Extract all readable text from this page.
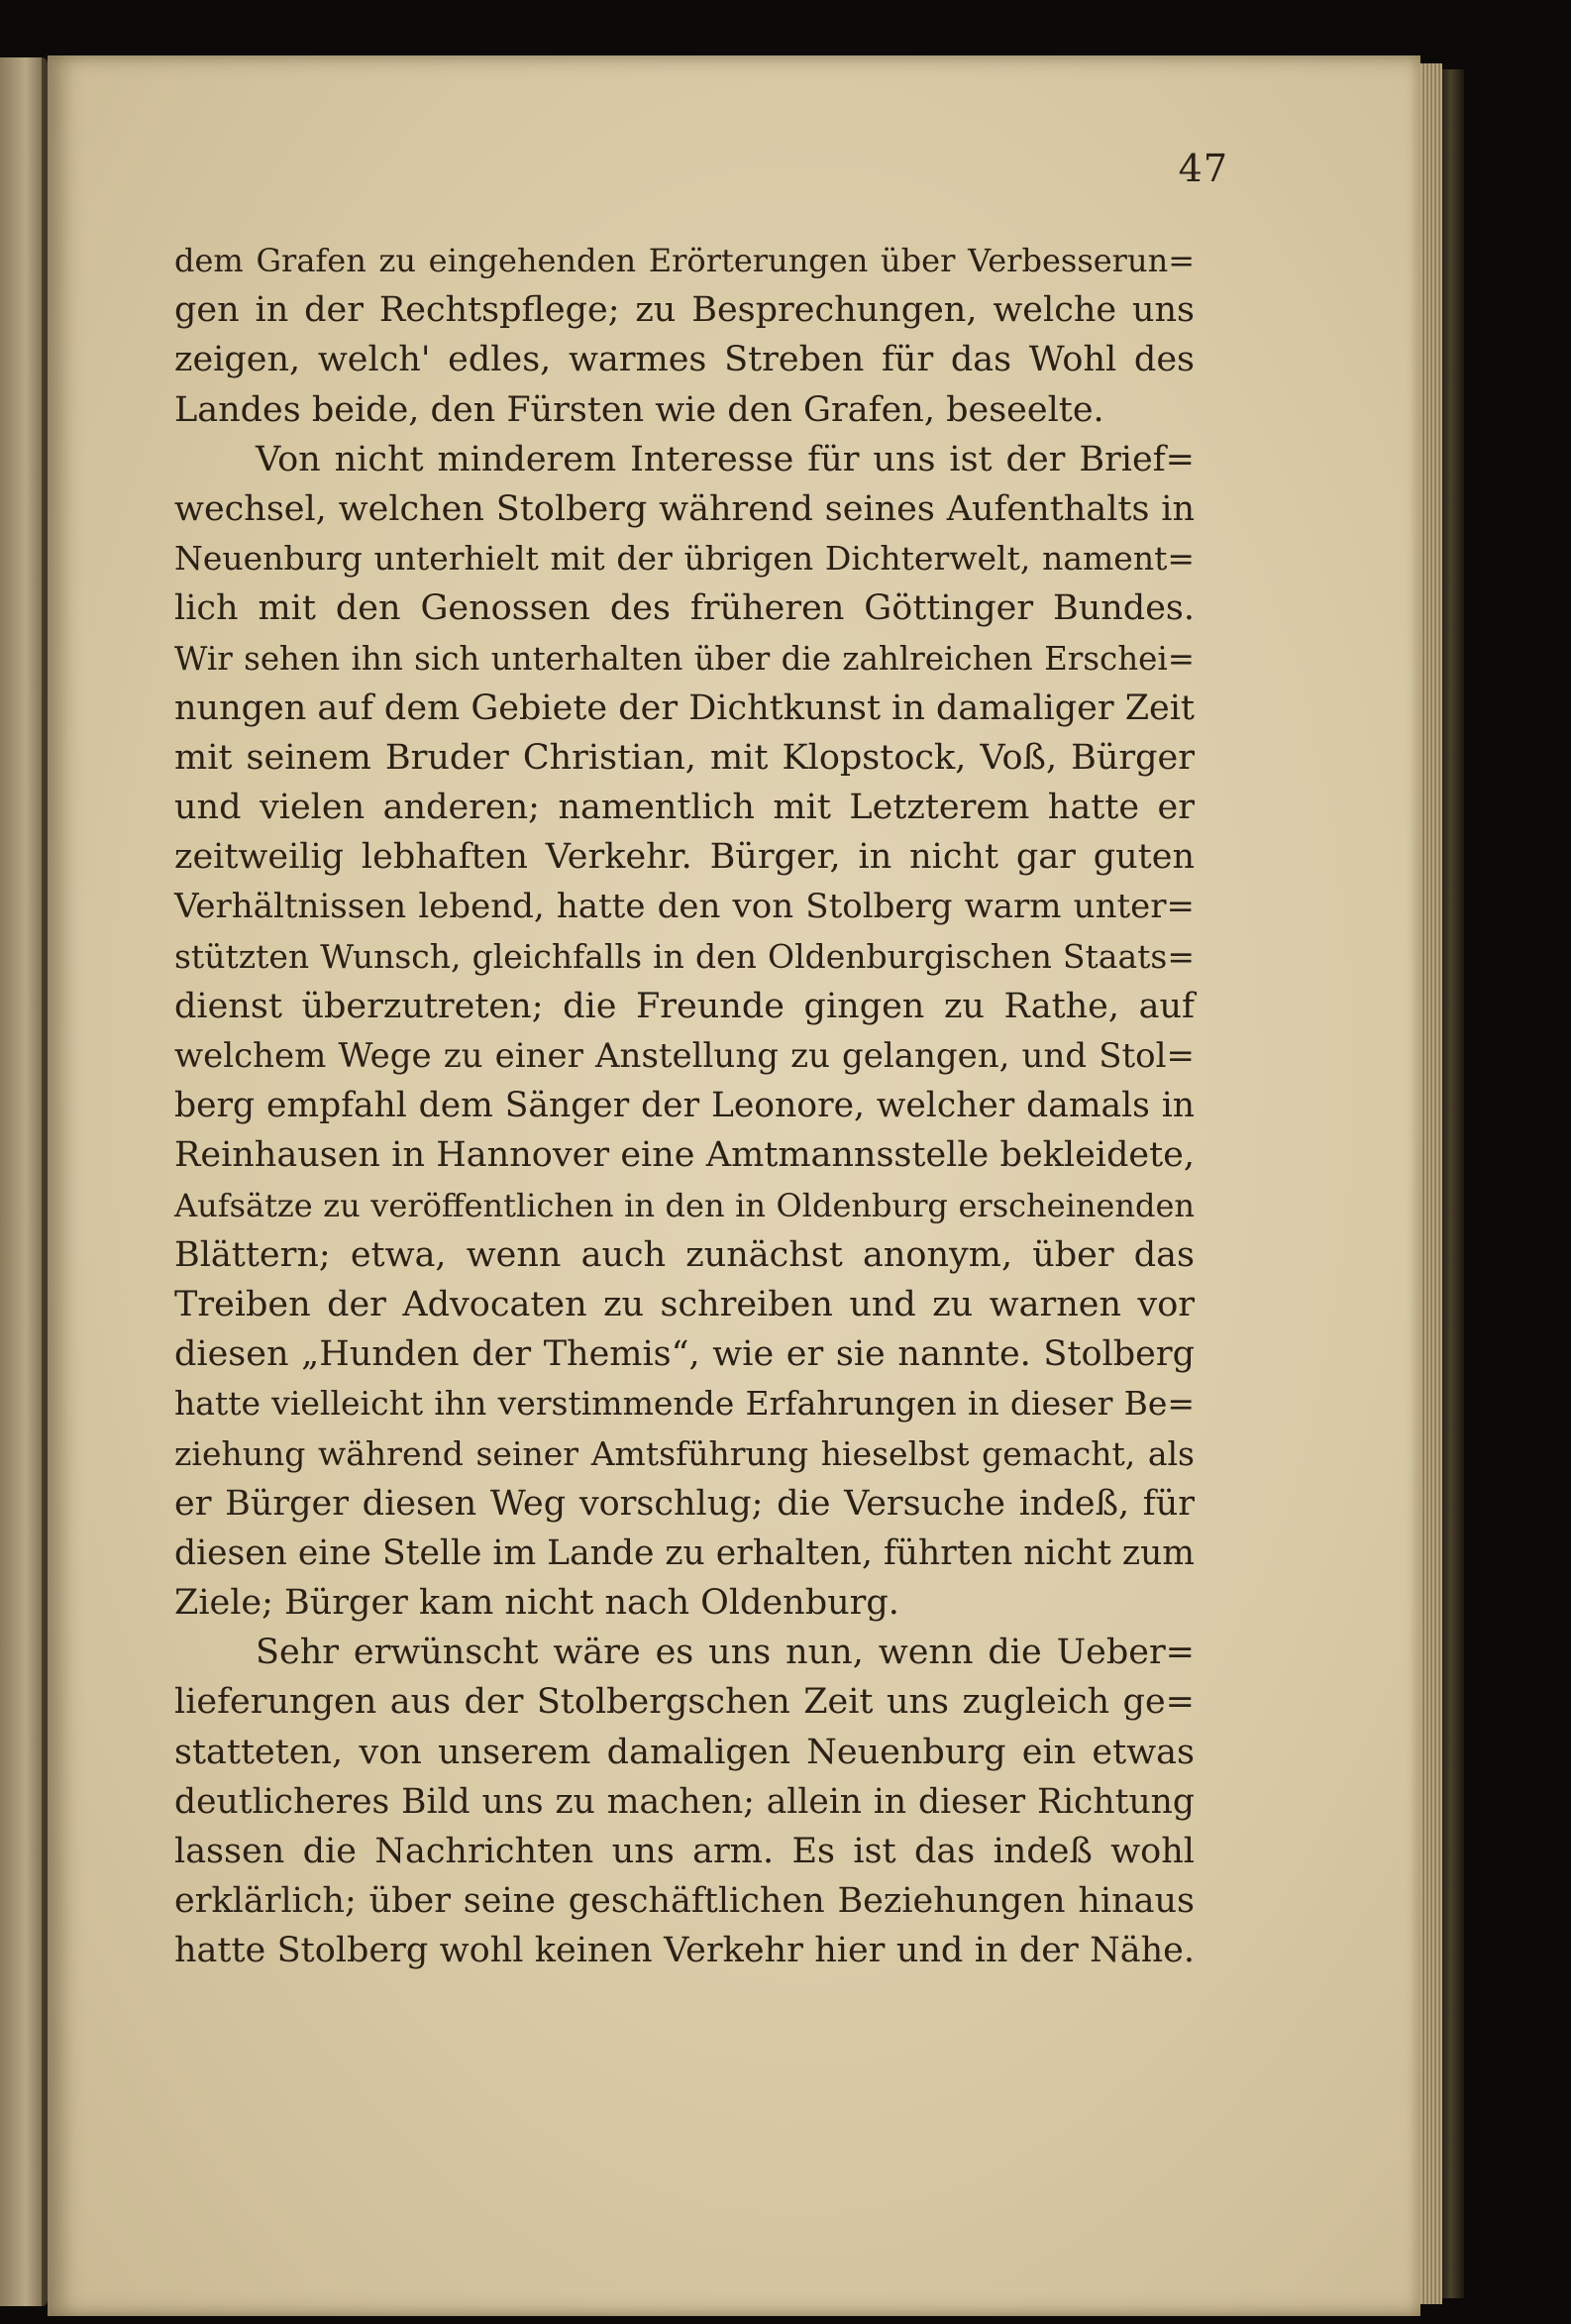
47
dem Grafen zu eingehenden Erörterungen über Verbesserun=
gen in der Rechtspflege; zu Besprechungen, welche uns
zeigen, welch' edles, warmes Streben für das Wohl des
Landes beide, den Fürsten wie den Grafen, beseelte.
Von nicht minderem Interesse für uns ist der Brief=
wechsel, welchen Stolberg während seines Aufenthalts in
Neuenburg unterhielt mit der übrigen Dichterwelt, nament=
lich mit den Genossen des früheren Göttinger Bundes.
Wir sehen ihn sich unterhalten über die zahlreichen Erschei=
nungen auf dem Gebiete der Dichtkunst in damaliger Zeit
mit seinem Bruder Christian, mit Klopstock, Voß, Bürger
und vielen anderen; namentlich mit Letzterem hatte er
zeitweilig lebhaften Verkehr. Bürger, in nicht gar guten
Verhältnissen lebend, hatte den von Stolberg warm unter=
stützten Wunsch, gleichfalls in den Oldenburgischen Staats=
dienst überzutreten; die Freunde gingen zu Rathe, auf
welchem Wege zu einer Anstellung zu gelangen, und Stol=
berg empfahl dem Sänger der Leonore, welcher damals in
Reinhausen in Hannover eine Amtmannsstelle bekleidete,
Aufsätze zu veröffentlichen in den in Oldenburg erscheinenden
Blättern; etwa, wenn auch zunächst anonym, über das
Treiben der Advocaten zu schreiben und zu warnen vor
diesen „Hunden der Themis“, wie er sie nannte. Stolberg
hatte vielleicht ihn verstimmende Erfahrungen in dieser Be=
ziehung während seiner Amtsführung hieselbst gemacht, als
er Bürger diesen Weg vorschlug; die Versuche indeß, für
diesen eine Stelle im Lande zu erhalten, führten nicht zum
Ziele; Bürger kam nicht nach Oldenburg.
Sehr erwünscht wäre es uns nun, wenn die Ueber=
lieferungen aus der Stolbergschen Zeit uns zugleich ge=
statteten, von unserem damaligen Neuenburg ein etwas
deutlicheres Bild uns zu machen; allein in dieser Richtung
lassen die Nachrichten uns arm. Es ist das indeß wohl
erklärlich; über seine geschäftlichen Beziehungen hinaus
hatte Stolberg wohl keinen Verkehr hier und in der Nähe.
